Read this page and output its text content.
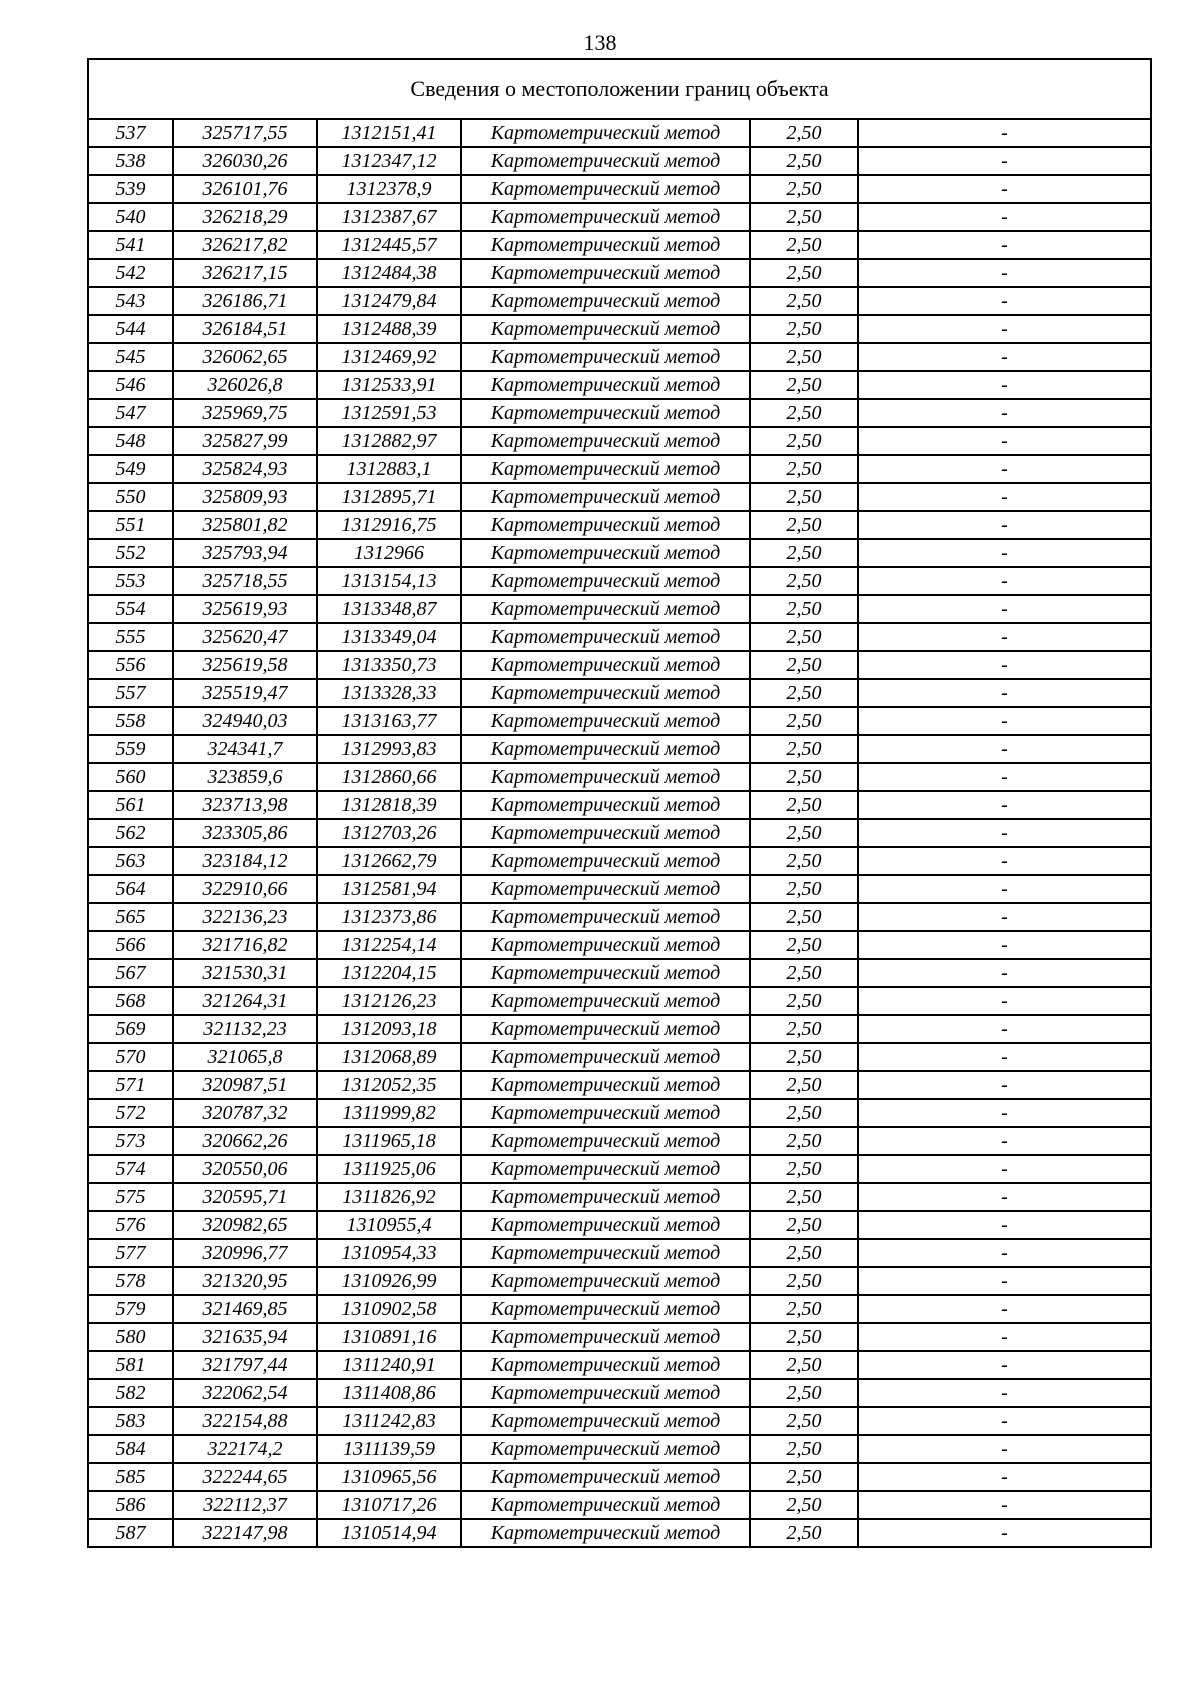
138
Сведения о местоположении границ объекта					
537	325717,55	1312151,41	Картометрический метод	2,50	-
538	326030,26	1312347,12	Картометрический метод	2,50	-
539	326101,76	1312378,9	Картометрический метод	2,50	-
540	326218,29	1312387,67	Картометрический метод	2,50	-
541	326217,82	1312445,57	Картометрический метод	2,50	-
542	326217,15	1312484,38	Картометрический метод	2,50	-
543	326186,71	1312479,84	Картометрический метод	2,50	-
544	326184,51	1312488,39	Картометрический метод	2,50	-
545	326062,65	1312469,92	Картометрический метод	2,50	-
546	326026,8	1312533,91	Картометрический метод	2,50	-
547	325969,75	1312591,53	Картометрический метод	2,50	-
548	325827,99	1312882,97	Картометрический метод	2,50	-
549	325824,93	1312883,1	Картометрический метод	2,50	-
550	325809,93	1312895,71	Картометрический метод	2,50	-
551	325801,82	1312916,75	Картометрический метод	2,50	-
552	325793,94	1312966	Картометрический метод	2,50	-
553	325718,55	1313154,13	Картометрический метод	2,50	-
554	325619,93	1313348,87	Картометрический метод	2,50	-
555	325620,47	1313349,04	Картометрический метод	2,50	-
556	325619,58	1313350,73	Картометрический метод	2,50	-
557	325519,47	1313328,33	Картометрический метод	2,50	-
558	324940,03	1313163,77	Картометрический метод	2,50	-
559	324341,7	1312993,83	Картометрический метод	2,50	-
560	323859,6	1312860,66	Картометрический метод	2,50	-
561	323713,98	1312818,39	Картометрический метод	2,50	-
562	323305,86	1312703,26	Картометрический метод	2,50	-
563	323184,12	1312662,79	Картометрический метод	2,50	-
564	322910,66	1312581,94	Картометрический метод	2,50	-
565	322136,23	1312373,86	Картометрический метод	2,50	-
566	321716,82	1312254,14	Картометрический метод	2,50	-
567	321530,31	1312204,15	Картометрический метод	2,50	-
568	321264,31	1312126,23	Картометрический метод	2,50	-
569	321132,23	1312093,18	Картометрический метод	2,50	-
570	321065,8	1312068,89	Картометрический метод	2,50	-
571	320987,51	1312052,35	Картометрический метод	2,50	-
572	320787,32	1311999,82	Картометрический метод	2,50	-
573	320662,26	1311965,18	Картометрический метод	2,50	-
574	320550,06	1311925,06	Картометрический метод	2,50	-
575	320595,71	1311826,92	Картометрический метод	2,50	-
576	320982,65	1310955,4	Картометрический метод	2,50	-
577	320996,77	1310954,33	Картометрический метод	2,50	-
578	321320,95	1310926,99	Картометрический метод	2,50	-
579	321469,85	1310902,58	Картометрический метод	2,50	-
580	321635,94	1310891,16	Картометрический метод	2,50	-
581	321797,44	1311240,91	Картометрический метод	2,50	-
582	322062,54	1311408,86	Картометрический метод	2,50	-
583	322154,88	1311242,83	Картометрический метод	2,50	-
584	322174,2	1311139,59	Картометрический метод	2,50	-
585	322244,65	1310965,56	Картометрический метод	2,50	-
586	322112,37	1310717,26	Картометрический метод	2,50	-
587	322147,98	1310514,94	Картометрический метод	2,50	-
